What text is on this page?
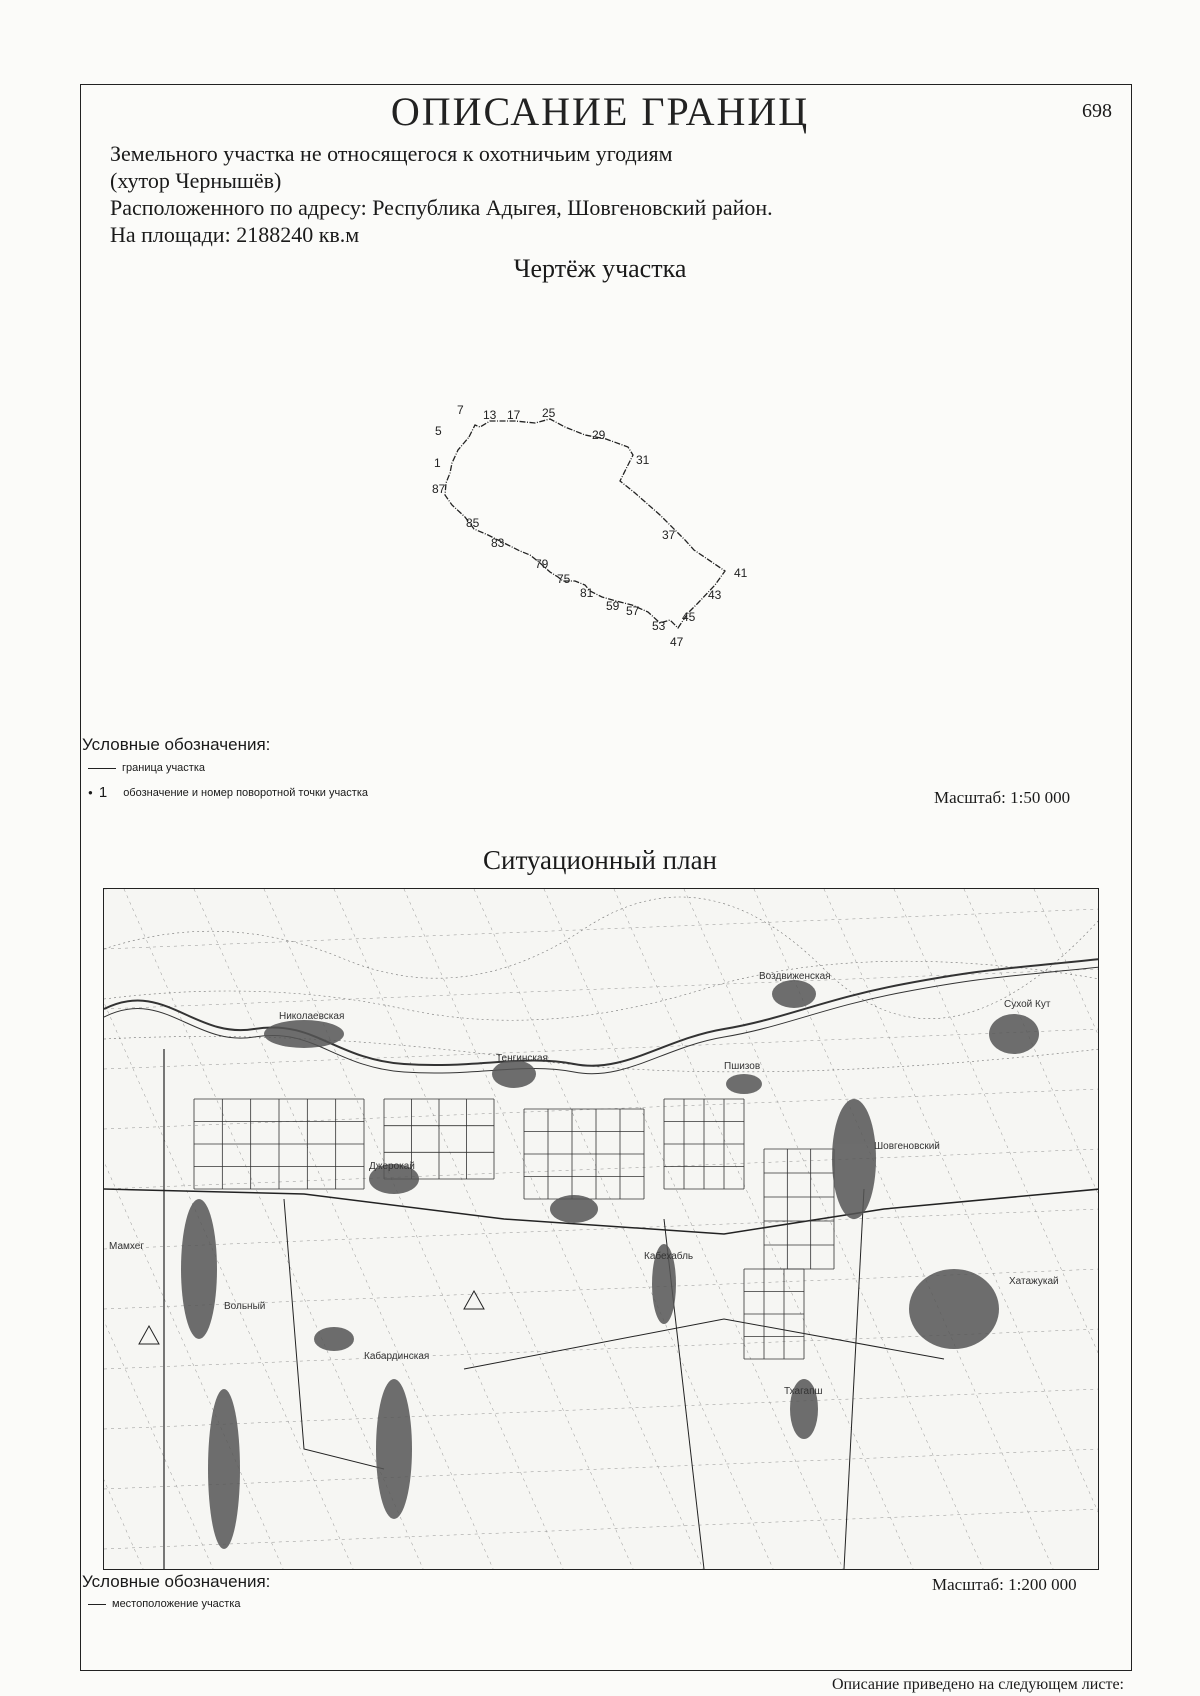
ОПИСАНИЕ ГРАНИЦ	698
Земельного участка не относящегося к охотничьим угодиям
(хутор Чернышёв)
Расположенного по адресу: Республика Адыгея, Шовгеновский район.
На площади: 2188240 кв.м
Чертёж участка
7 13 17 25
5	29
1	31
87
85
83
37
79
75
81
41
43
59 57	45
53
47
Условные обозначения:
граница участка
● 1 обозначение и номер поворотной точки участка	Масштаб: 1:50 000
Ситуационный план
Николаевская
Тенгинская
Воздвиженская
Сухой Кут
Вольный
Шовгеновский
Джерокай
Мамхег
Кабехабль
Хатажукай
Пшизов
Кабардинская
Тхагапш
Условные обозначения:
местоположение участка
Масштаб: 1:200 000
Описание приведено на следующем листе:
